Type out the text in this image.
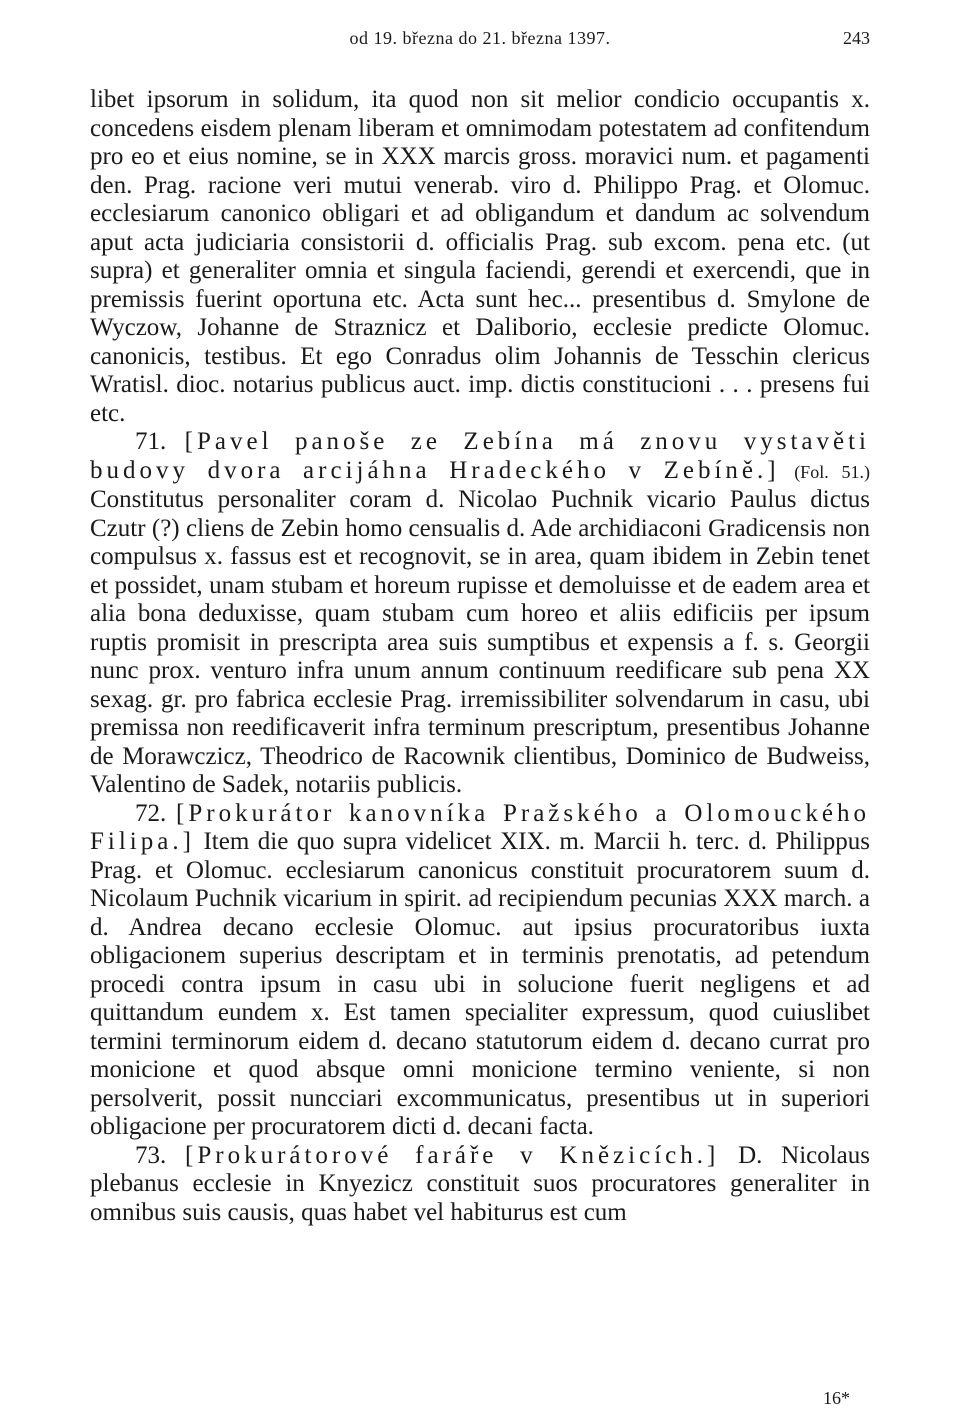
od 19. března do 21. března 1397.	243

libet ipsorum in solidum, ita quod non sit melior condicio occupantis x. concedens eisdem plenam liberam et omnimodam potestatem ad confitendum pro eo et eius nomine, se in XXX marcis gross. moravici num. et pagamenti den. Prag. racione veri mutui venerab. viro d. Philippo Prag. et Olomuc. ecclesiarum canonico obligari et ad obligandum et dandum ac solvendum aput acta judiciaria consistorii d. officialis Prag. sub excom. pena etc. (ut supra) et generaliter omnia et singula faciendi, gerendi et exercendi, que in premissis fuerint oportuna etc. Acta sunt hec... presentibus d. Smylone de Wyczow, Johanne de Straznicz et Daliborio, ecclesie predicte Olomuc. canonicis, testibus. Et ego Conradus olim Johannis de Tesschin clericus Wratisl. dioc. notarius publicus auct. imp. dictis constitucioni . . . presens fui etc.

71. [Pavel panoše ze Zebína má znovu vystavěti budovy dvora arcijáhna Hradeckého v Zebíně.] (Fol. 51.) Constitutus personaliter coram d. Nicolao Puchnik vicario Paulus dictus Czutr (?) cliens de Zebin homo censualis d. Ade archidiaconi Gradicensis non compulsus x. fassus est et recognovit, se in area, quam ibidem in Zebin tenet et possidet, unam stubam et horeum rupisse et demoluisse et de eadem area et alia bona deduxisse, quam stubam cum horeo et aliis edificiis per ipsum ruptis promisit in prescripta area suis sumptibus et expensis a f. s. Georgii nunc prox. venturo infra unum annum continuum reedificare sub pena XX sexag. gr. pro fabrica ecclesie Prag. irremissibiliter solvendarum in casu, ubi premissa non reedificaverit infra terminum prescriptum, presentibus Johanne de Morawczicz, Theodrico de Racownik clientibus, Dominico de Budweiss, Valentino de Sadek, notariis publicis.

72. [Prokurátor kanovníka Pražského a Olomouckého Filipa.] Item die quo supra videlicet XIX. m. Marcii h. terc. d. Philippus Prag. et Olomuc. ecclesiarum canonicus constituit procuratorem suum d. Nicolaum Puchnik vicarium in spirit. ad recipiendum pecunias XXX march. a d. Andrea decano ecclesie Olomuc. aut ipsius procuratoribus iuxta obligacionem superius descriptam et in terminis prenotatis, ad petendum procedi contra ipsum in casu ubi in solucione fuerit negligens et ad quittandum eundem x. Est tamen specialiter expressum, quod cuiuslibet termini terminorum eidem d. decano statutorum eidem d. decano currat pro monicione et quod absque omni monicione termino veniente, si non persolverit, possit nuncciari excommunicatus, presentibus ut in superiori obligacione per procuratorem dicti d. decani facta.

73. [Prokurátorové faráře v Knězicích.] D. Nicolaus plebanus ecclesie in Knyezicz constituit suos procuratores generaliter in omnibus suis causis, quas habet vel habiturus est cum

16*
